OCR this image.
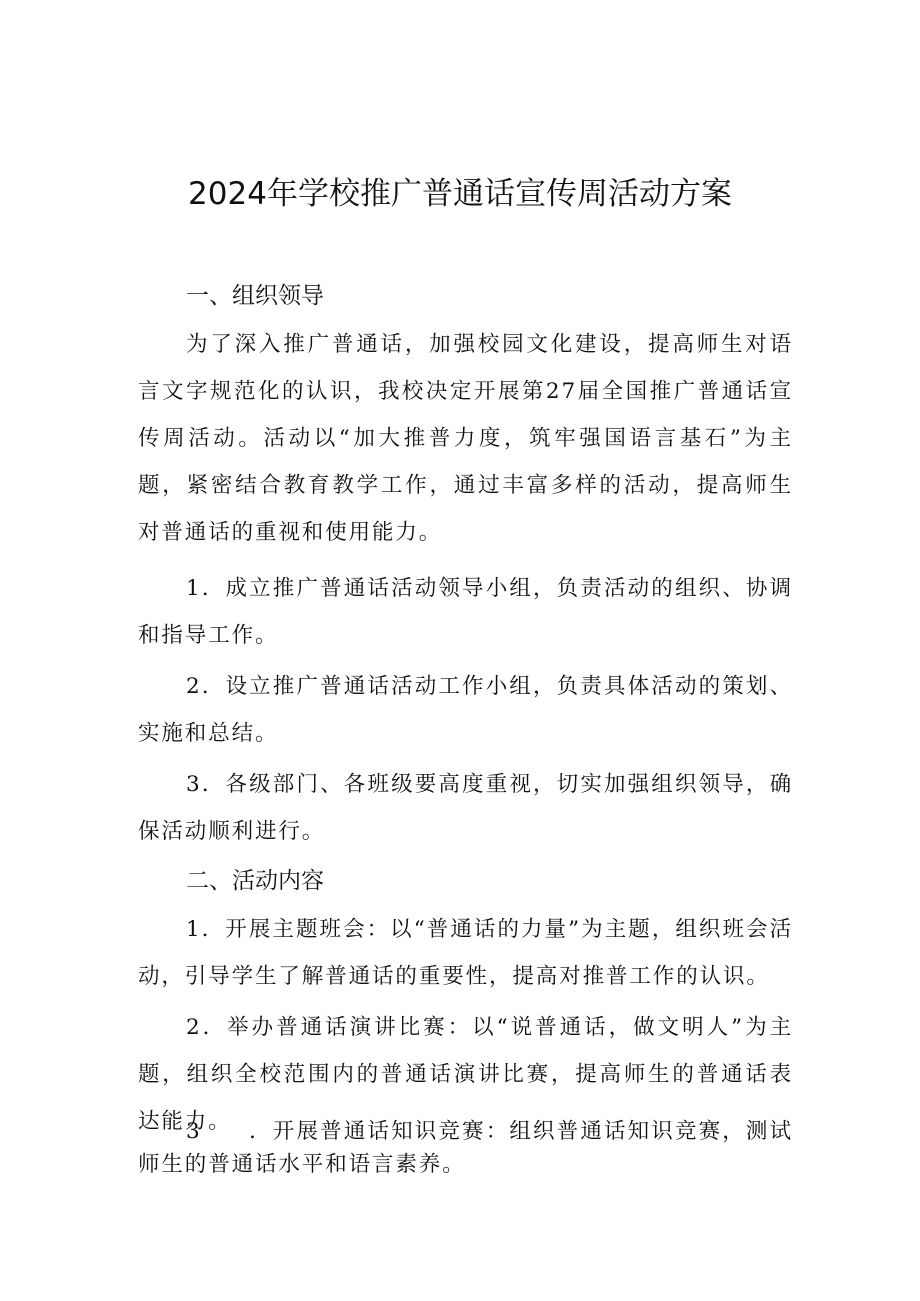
2024年学校推广普通话宣传周活动方案
一、组织领导

为了深入推广普通话，加强校园文化建设，提高师生对语言文字规范化的认识，我校决定开展第27届全国推广普通话宣传周活动。活动以“加大推普力度，筑牢强国语言基石”为主题，紧密结合教育教学工作，通过丰富多样的活动，提高师生对普通话的重视和使用能力。

1．成立推广普通话活动领导小组，负责活动的组织、协调和指导工作。

2．设立推广普通话活动工作小组，负责具体活动的策划、实施和总结。

3．各级部门、各班级要高度重视，切实加强组织领导，确保活动顺利进行。

二、活动内容

1．开展主题班会：以“普通话的力量”为主题，组织班会活动，引导学生了解普通话的重要性，提高对推普工作的认识。

2．举办普通话演讲比赛：以“说普通话，做文明人”为主题，组织全校范围内的普通话演讲比赛，提高师生的普通话表达能力。

3　　．开展普通话知识竞赛：组织普通话知识竞赛，测试师生的普通话水平和语言素养。
